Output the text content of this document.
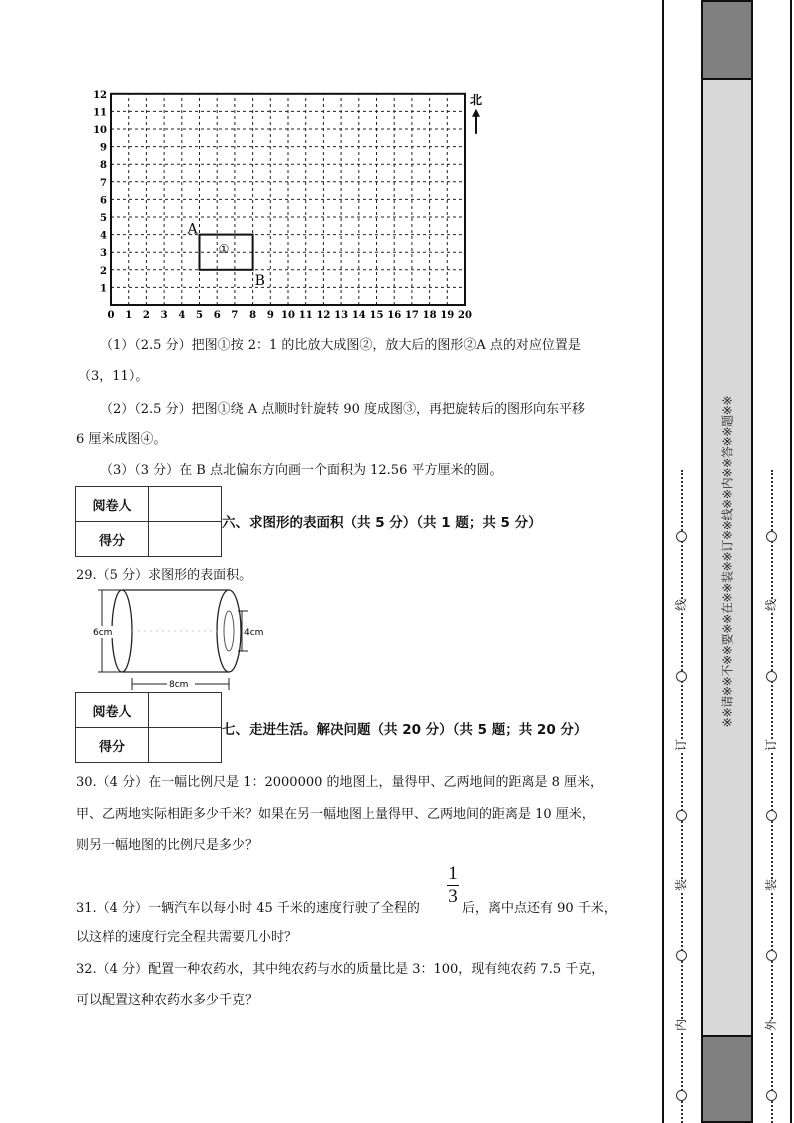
0 1 2 3 4 5 6 7 8 9 10 11 12 13 14 15 16 17 18 19 20
1
2
3
4
5
6
7
8
9
10
11
12
①
A
B
北
（1）（2.5 分）把图①按 2：1 的比放大成图②，放大后的图形②A 点的对应位置是
（3，11）。
（2）（2.5 分）把图①绕 A 点顺时针旋转 90 度成图③，再把旋转后的图形向东平移
6 厘米成图④。
（3）（3 分）在 B 点北偏东方向画一个面积为 12.56 平方厘米的圆。
阅卷人	
得分	
六、求图形的表面积（共 5 分）（共 1 题；共 5 分）
29.（5 分）求图形的表面积。
6cm	4cm
8cm
阅卷人	
得分	
七、走进生活。解决问题（共 20 分）（共 5 题；共 20 分）
30.（4 分）在一幅比例尺是 1：2000000 的地图上，量得甲、乙两地间的距离是 8 厘米，
甲、乙两地实际相距多少千米？如果在另一幅地图上量得甲、乙两地间的距离是 10 厘米，
则另一幅地图的比例尺是多少？
31.（4 分）一辆汽车以每小时 45 千米的速度行驶了全程的
1
3
后，离中点还有 90 千米，
以这样的速度行完全程共需要几小时？
32.（4 分）配置一种农药水，其中纯农药与水的质量比是 3：100，现有纯农药 7.5 千克，
可以配置这种农药水多少千克？
※※请※※不※※要※※在※※装※※订※※线※※内※※答※※题※※
线
订
装
内
线
订
装
外
